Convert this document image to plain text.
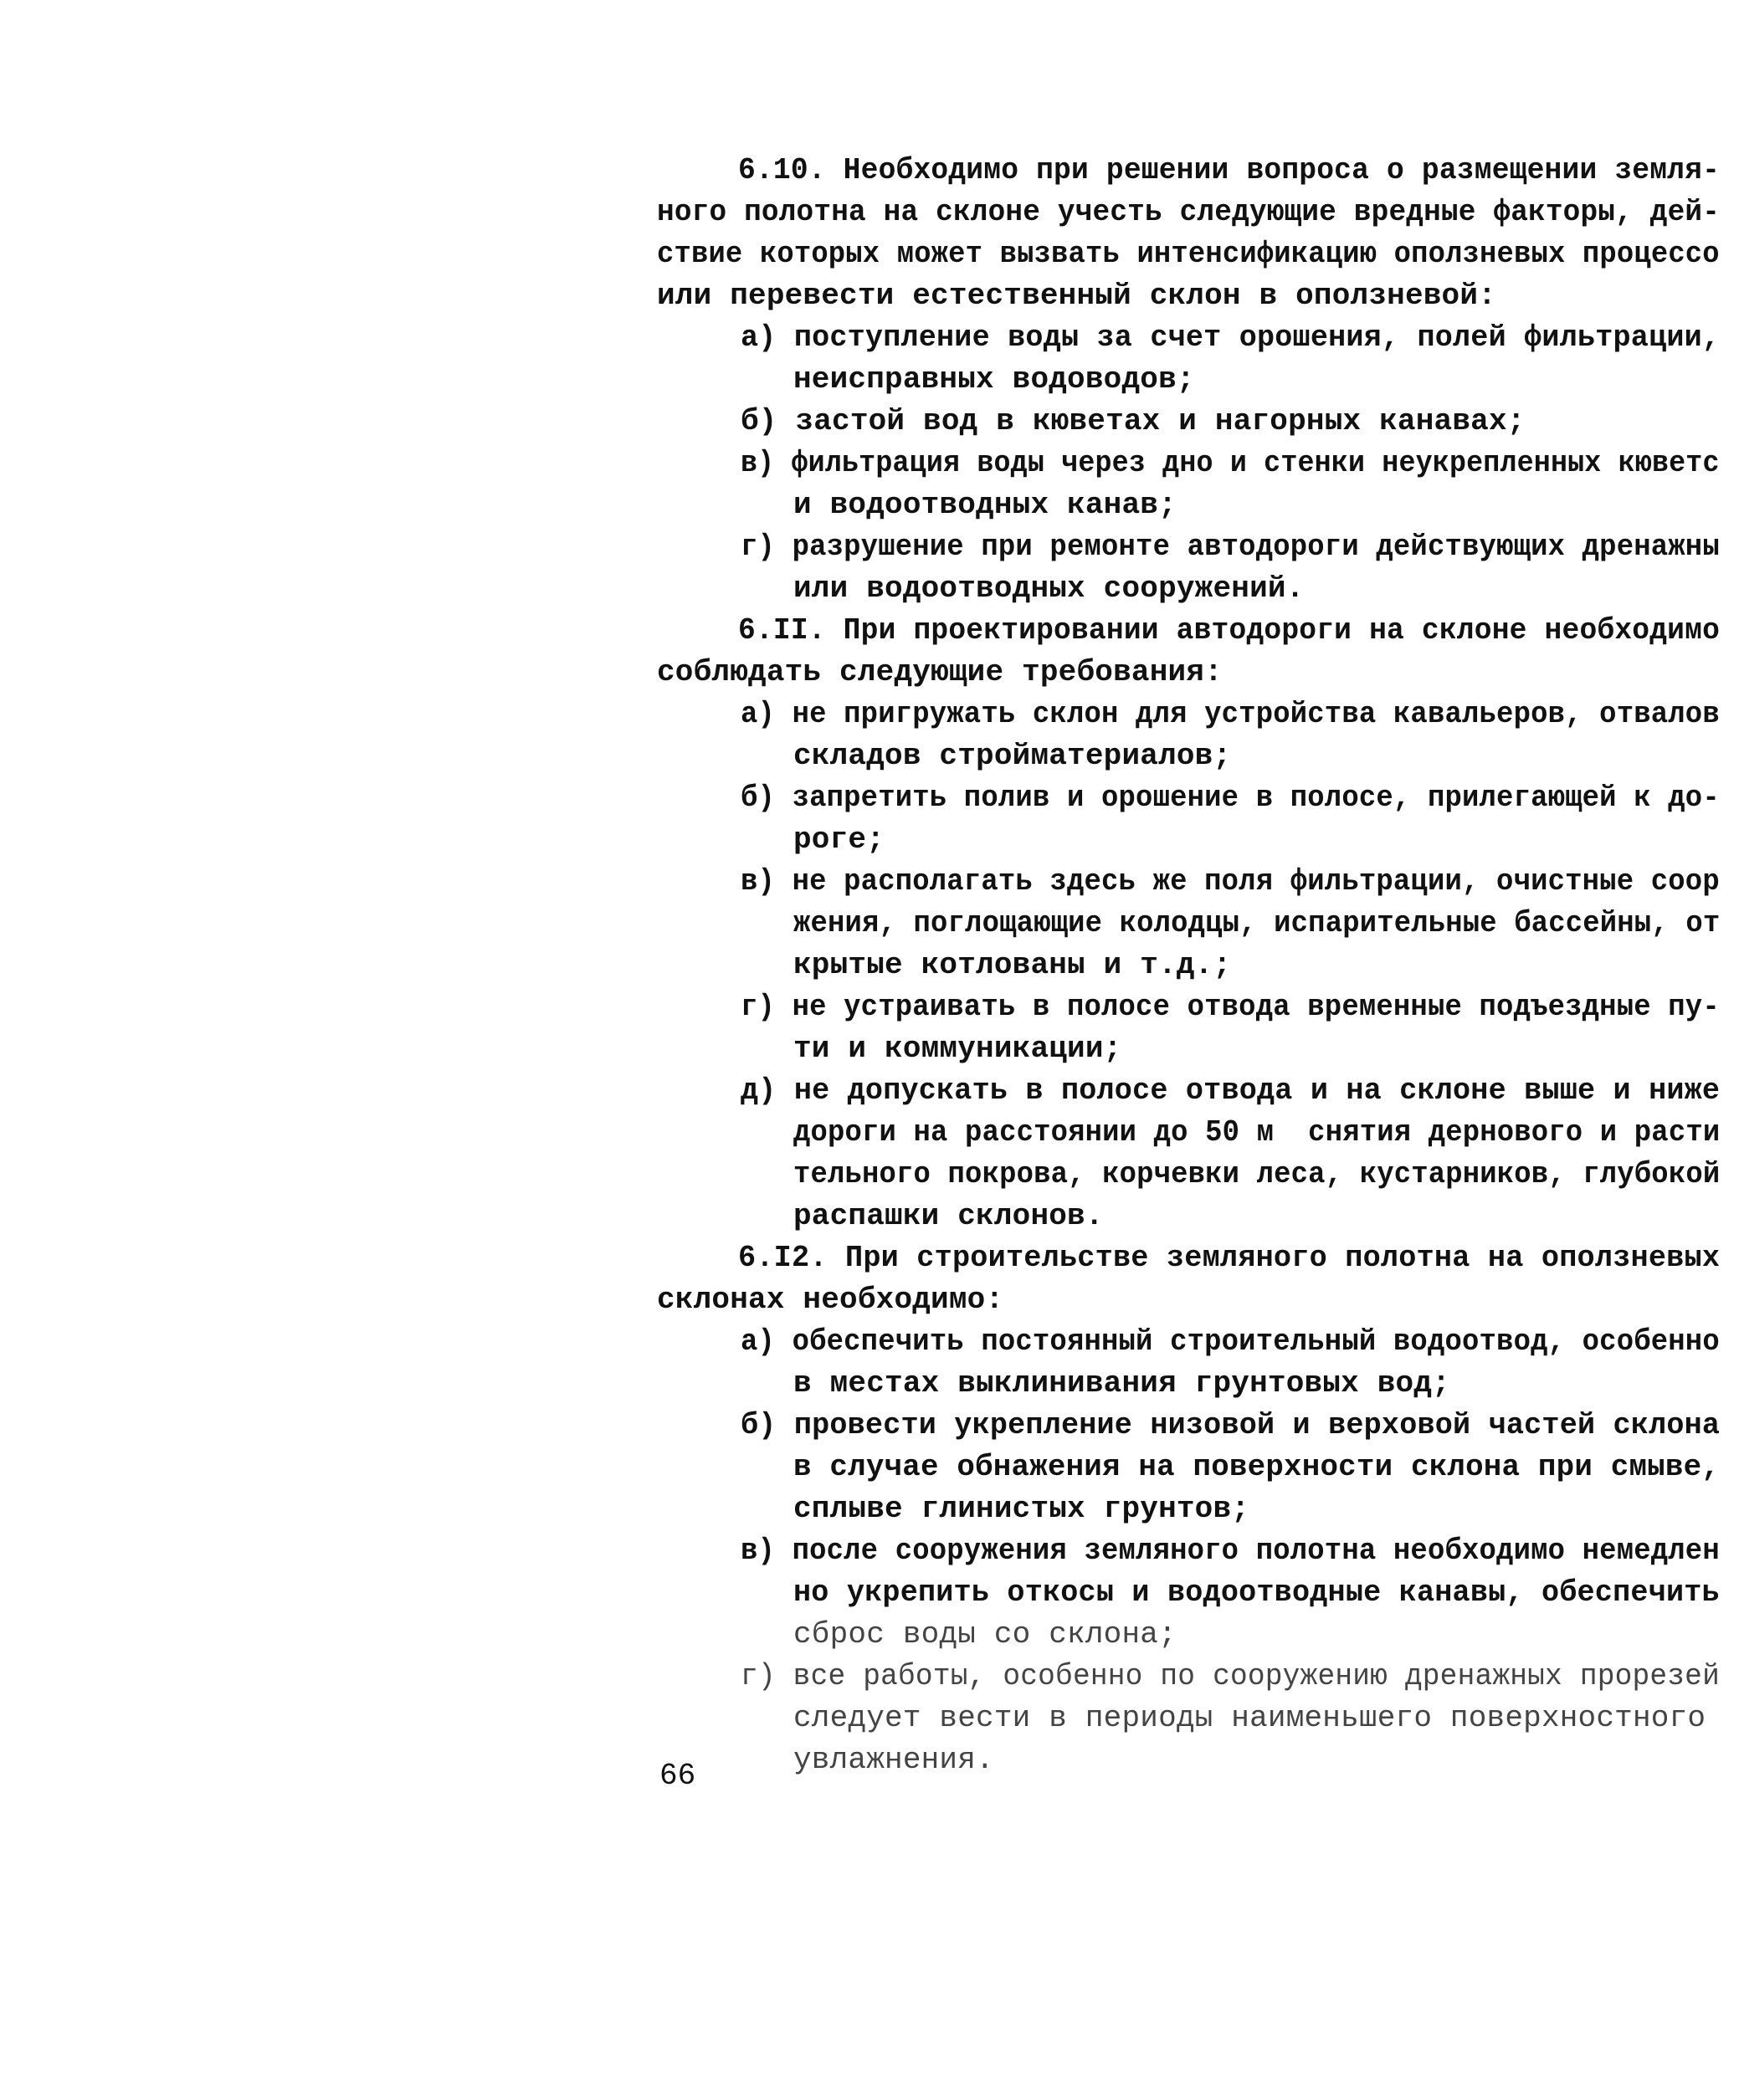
6.10. Необходимо при решении вопроса о размещении земля-
ного полотна на склоне учесть следующие вредные факторы, дей-
ствие которых может вызвать интенсификацию оползневых процессо
или перевести естественный склон в оползневой:
а) поступление воды за счет орошения, полей фильтрации,
неисправных водоводов;
б) застой вод в кюветах и нагорных канавах;
в) фильтрация воды через дно и стенки неукрепленных кюветс
и водоотводных канав;
г) разрушение при ремонте автодороги действующих дренажны
или водоотводных сооружений.
6.II. При проектировании автодороги на склоне необходимо
соблюдать следующие требования:
а) не пригружать склон для устройства кавальеров, отвалов
складов стройматериалов;
б) запретить полив и орошение в полосе, прилегающей к до-
роге;
в) не располагать здесь же поля фильтрации, очистные соор
жения, поглощающие колодцы, испарительные бассейны, от
крытые котлованы и т.д.;
г) не устраивать в полосе отвода временные подъездные пу-
ти и коммуникации;
д) не допускать в полосе отвода и на склоне выше и ниже
дороги на расстоянии до 50 м  снятия дернового и расти
тельного покрова, корчевки леса, кустарников, глубокой
распашки склонов.
6.I2. При строительстве земляного полотна на оползневых
склонах необходимо:
а) обеспечить постоянный строительный водоотвод, особенно
в местах выклинивания грунтовых вод;
б) провести укрепление низовой и верховой частей склона
в случае обнажения на поверхности склона при смыве,
сплыве глинистых грунтов;
в) после сооружения земляного полотна необходимо немедлен
но укрепить откосы и водоотводные канавы, обеспечить
сброс воды со склона;
г) все работы, особенно по сооружению дренажных прорезей
следует вести в периоды наименьшего поверхностного
увлажнения.
66
